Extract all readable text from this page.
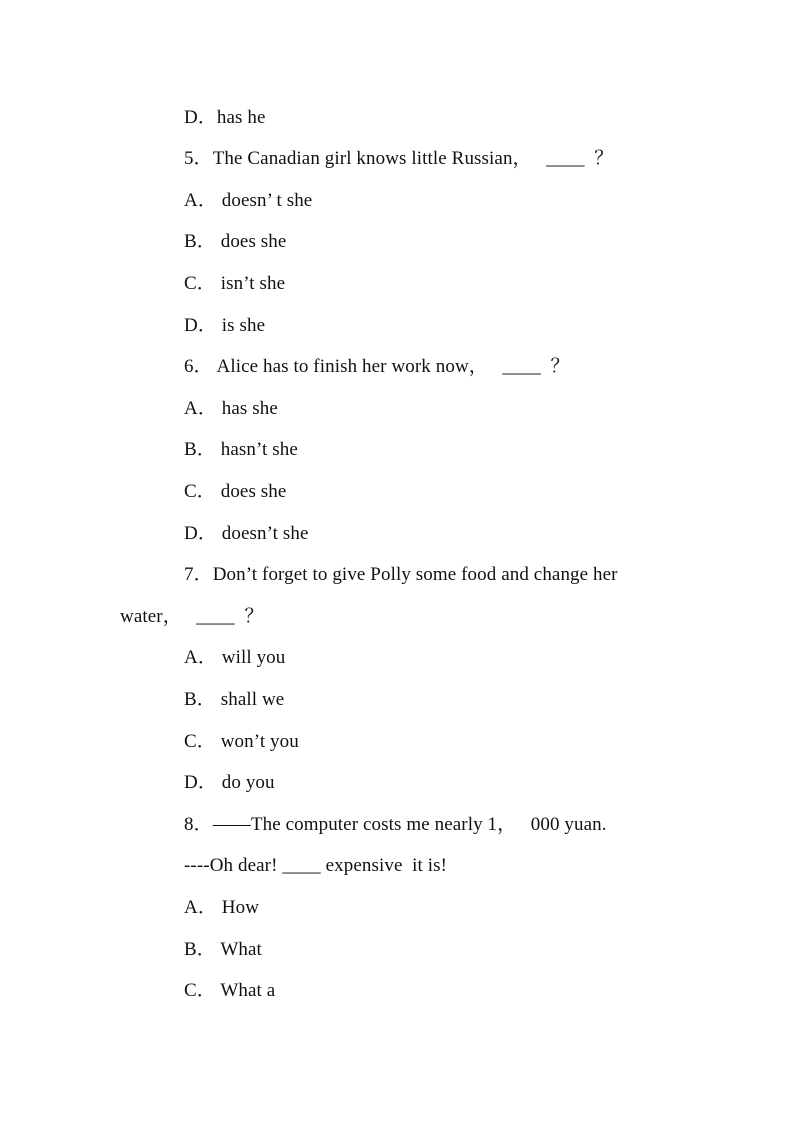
D．has he
5．The Canadian girl knows little Russian，   ____  ？
A． doesn’ t she
B． does she
C． isn’t she
D． is she
6． Alice has to finish her work now，   ____  ？
A． has she
B． hasn’t she
C． does she
D． doesn’t she
7．Don’t forget to give Polly some food and change her
water，   ____  ？
A． will you
B． shall we
C． won’t you
D． do you
8．——The computer costs me nearly 1，   000 yuan.
----Oh dear! ____ expensive  it is!
A． How
B． What
C． What a
